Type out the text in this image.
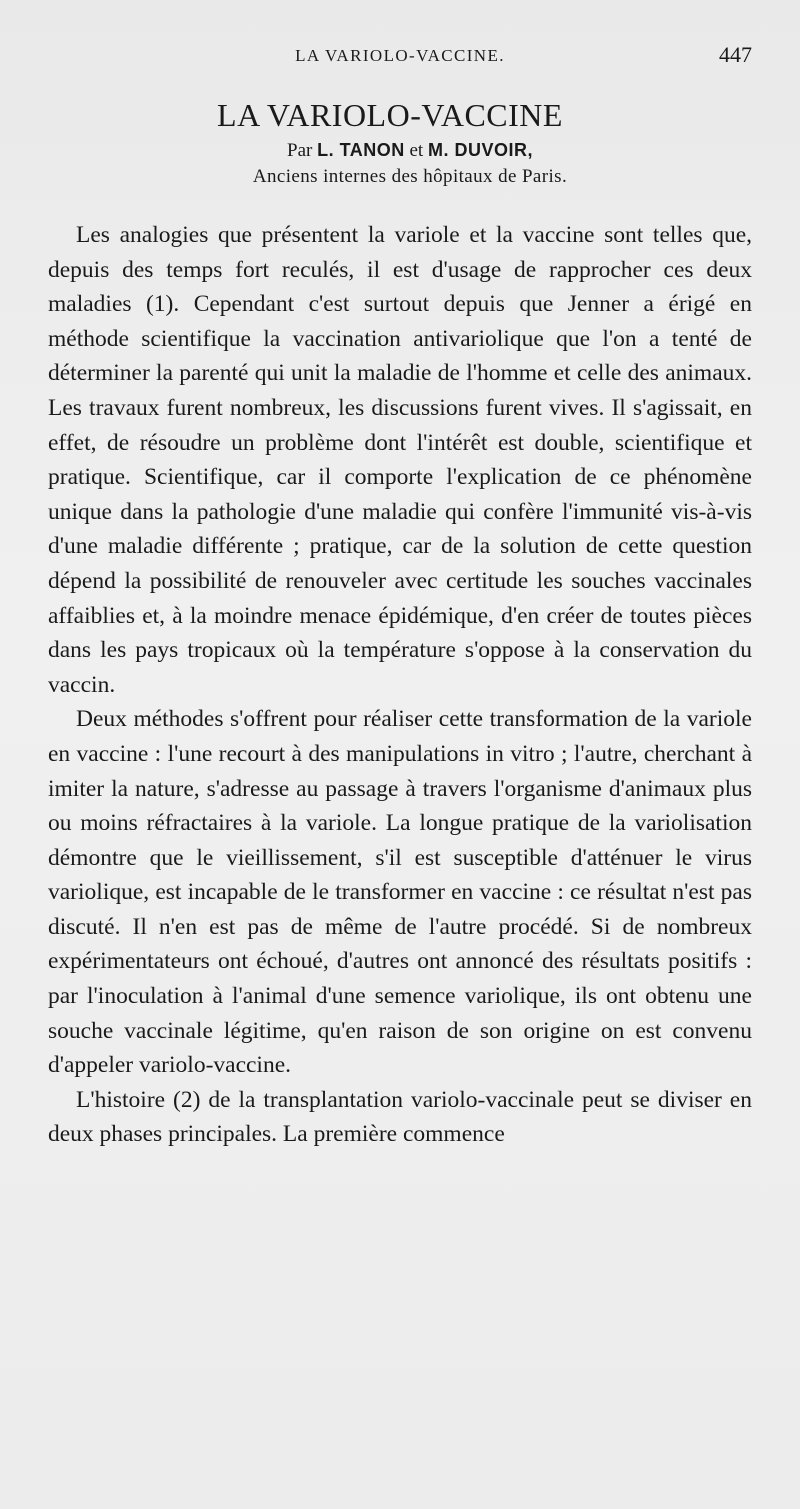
LA VARIOLO-VACCINE.	447
LA VARIOLO-VACCINE
Par L. TANON et M. DUVOIR,
Anciens internes des hôpitaux de Paris.

Les analogies que présentent la variole et la vaccine sont telles que, depuis des temps fort reculés, il est d'usage de rapprocher ces deux maladies (1). Cependant c'est surtout depuis que Jenner a érigé en méthode scientifique la vaccination antivariolique que l'on a tenté de déterminer la parenté qui unit la maladie de l'homme et celle des animaux. Les travaux furent nombreux, les discussions furent vives. Il s'agissait, en effet, de résoudre un problème dont l'intérêt est double, scientifique et pratique. Scientifique, car il comporte l'explication de ce phénomène unique dans la pathologie d'une maladie qui confère l'immunité vis-à-vis d'une maladie différente ; pratique, car de la solution de cette question dépend la possibilité de renouveler avec certitude les souches vaccinales affaiblies et, à la moindre menace épidémique, d'en créer de toutes pièces dans les pays tropicaux où la température s'oppose à la conservation du vaccin.

Deux méthodes s'offrent pour réaliser cette transformation de la variole en vaccine : l'une recourt à des manipulations in vitro ; l'autre, cherchant à imiter la nature, s'adresse au passage à travers l'organisme d'animaux plus ou moins réfractaires à la variole. La longue pratique de la variolisation démontre que le vieillissement, s'il est susceptible d'atténuer le virus variolique, est incapable de le transformer en vaccine : ce résultat n'est pas discuté. Il n'en est pas de même de l'autre procédé. Si de nombreux expérimentateurs ont échoué, d'autres ont annoncé des résultats positifs : par l'inoculation à l'animal d'une semence variolique, ils ont obtenu une souche vaccinale légitime, qu'en raison de son origine on est convenu d'appeler variolo-vaccine.

L'histoire (2) de la transplantation variolo-vaccinale peut se diviser en deux phases principales. La première commence
